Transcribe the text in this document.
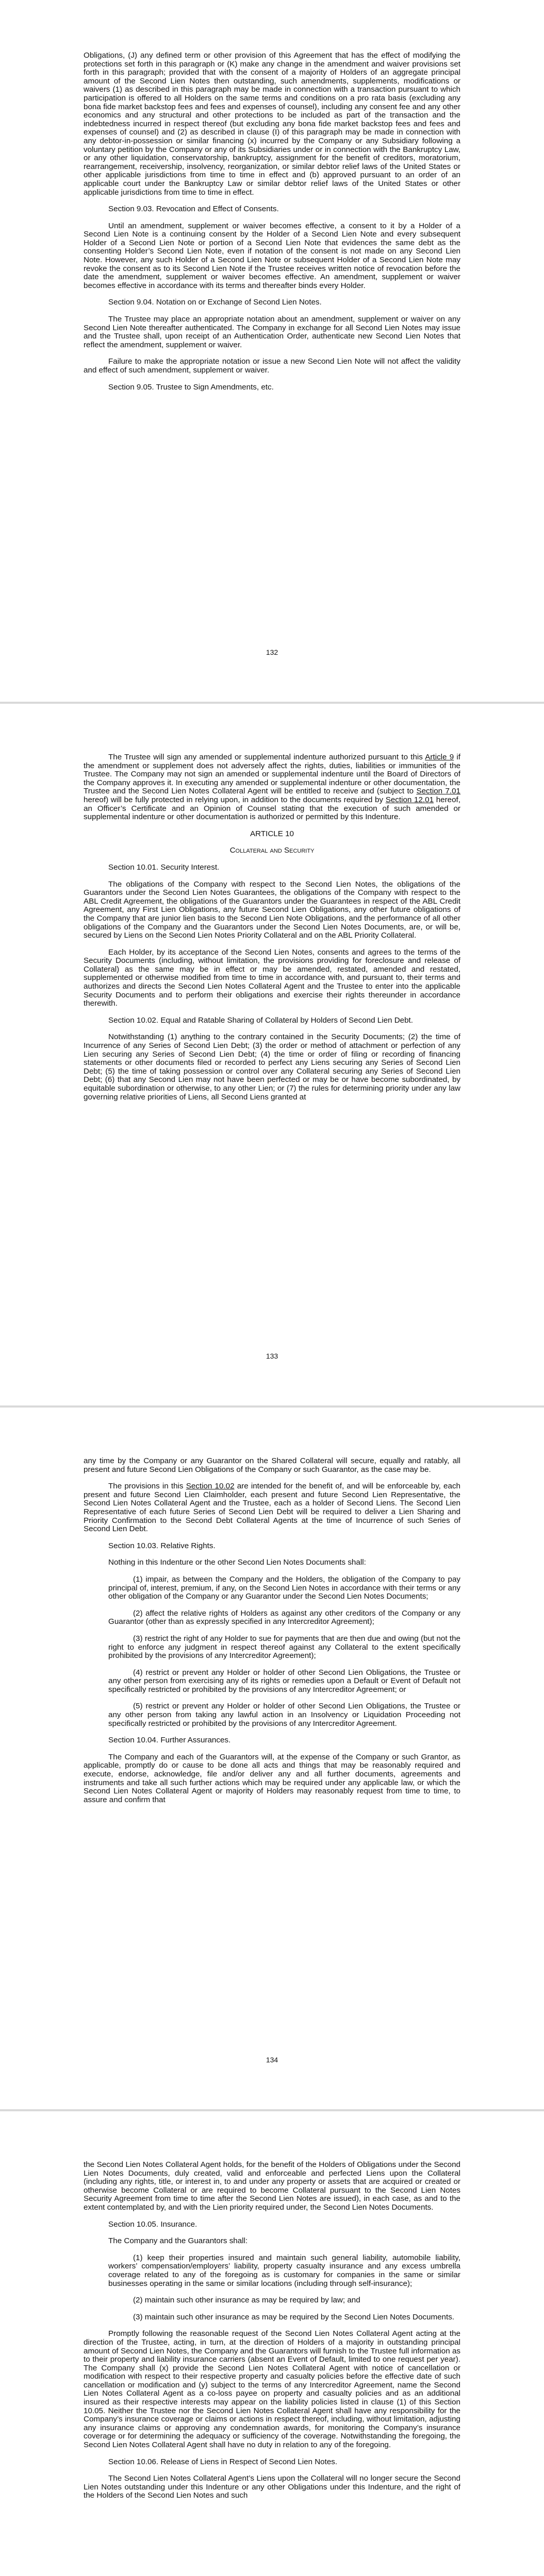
Obligations, (J) any defined term or other provision of this Agreement that has the effect of modifying the protections set forth in this paragraph or (K) make any change in the amendment and waiver provisions set forth in this paragraph; provided that with the consent of a majority of Holders of an aggregate principal amount of the Second Lien Notes then outstanding, such amendments, supplements, modifications or waivers (1) as described in this paragraph may be made in connection with a transaction pursuant to which participation is offered to all Holders on the same terms and conditions on a pro rata basis (excluding any bona fide market backstop fees and fees and expenses of counsel), including any consent fee and any other economics and any structural and other protections to be included as part of the transaction and the indebtedness incurred in respect thereof (but excluding any bona fide market backstop fees and fees and expenses of counsel) and (2) as described in clause (I) of this paragraph may be made in connection with any debtor-in-possession or similar financing (x) incurred by the Company or any Subsidiary following a voluntary petition by the Company or any of its Subsidiaries under or in connection with the Bankruptcy Law, or any other liquidation, conservatorship, bankruptcy, assignment for the benefit of creditors, moratorium, rearrangement, receivership, insolvency, reorganization, or similar debtor relief laws of the United States or other applicable jurisdictions from time to time in effect and (b) approved pursuant to an order of an applicable court under the Bankruptcy Law or similar debtor relief laws of the United States or other applicable jurisdictions from time to time in effect.

Section 9.03. Revocation and Effect of Consents.

Until an amendment, supplement or waiver becomes effective, a consent to it by a Holder of a Second Lien Note is a continuing consent by the Holder of a Second Lien Note and every subsequent Holder of a Second Lien Note or portion of a Second Lien Note that evidences the same debt as the consenting Holder’s Second Lien Note, even if notation of the consent is not made on any Second Lien Note. However, any such Holder of a Second Lien Note or subsequent Holder of a Second Lien Note may revoke the consent as to its Second Lien Note if the Trustee receives written notice of revocation before the date the amendment, supplement or waiver becomes effective. An amendment, supplement or waiver becomes effective in accordance with its terms and thereafter binds every Holder.

Section 9.04. Notation on or Exchange of Second Lien Notes.

The Trustee may place an appropriate notation about an amendment, supplement or waiver on any Second Lien Note thereafter authenticated. The Company in exchange for all Second Lien Notes may issue and the Trustee shall, upon receipt of an Authentication Order, authenticate new Second Lien Notes that reflect the amendment, supplement or waiver.

Failure to make the appropriate notation or issue a new Second Lien Note will not affect the validity and effect of such amendment, supplement or waiver.

Section 9.05. Trustee to Sign Amendments, etc.

132

The Trustee will sign any amended or supplemental indenture authorized pursuant to this Article 9 if the amendment or supplement does not adversely affect the rights, duties, liabilities or immunities of the Trustee. The Company may not sign an amended or supplemental indenture until the Board of Directors of the Company approves it. In executing any amended or supplemental indenture or other documentation, the Trustee and the Second Lien Notes Collateral Agent will be entitled to receive and (subject to Section 7.01 hereof) will be fully protected in relying upon, in addition to the documents required by Section 12.01 hereof, an Officer’s Certificate and an Opinion of Counsel stating that the execution of such amended or supplemental indenture or other documentation is authorized or permitted by this Indenture.

ARTICLE 10

Collateral and Security

Section 10.01. Security Interest.

The obligations of the Company with respect to the Second Lien Notes, the obligations of the Guarantors under the Second Lien Notes Guarantees, the obligations of the Company with respect to the ABL Credit Agreement, the obligations of the Guarantors under the Guarantees in respect of the ABL Credit Agreement, any First Lien Obligations, any future Second Lien Obligations, any other future obligations of the Company that are junior lien basis to the Second Lien Note Obligations, and the performance of all other obligations of the Company and the Guarantors under the Second Lien Notes Documents, are, or will be, secured by Liens on the Second Lien Notes Priority Collateral and on the ABL Priority Collateral.

Each Holder, by its acceptance of the Second Lien Notes, consents and agrees to the terms of the Security Documents (including, without limitation, the provisions providing for foreclosure and release of Collateral) as the same may be in effect or may be amended, restated, amended and restated, supplemented or otherwise modified from time to time in accordance with, and pursuant to, their terms and authorizes and directs the Second Lien Notes Collateral Agent and the Trustee to enter into the applicable Security Documents and to perform their obligations and exercise their rights thereunder in accordance therewith.

Section 10.02. Equal and Ratable Sharing of Collateral by Holders of Second Lien Debt.

Notwithstanding (1) anything to the contrary contained in the Security Documents; (2) the time of Incurrence of any Series of Second Lien Debt; (3) the order or method of attachment or perfection of any Lien securing any Series of Second Lien Debt; (4) the time or order of filing or recording of financing statements or other documents filed or recorded to perfect any Liens securing any Series of Second Lien Debt; (5) the time of taking possession or control over any Collateral securing any Series of Second Lien Debt; (6) that any Second Lien may not have been perfected or may be or have become subordinated, by equitable subordination or otherwise, to any other Lien; or (7) the rules for determining priority under any law governing relative priorities of Liens, all Second Liens granted at

133

any time by the Company or any Guarantor on the Shared Collateral will secure, equally and ratably, all present and future Second Lien Obligations of the Company or such Guarantor, as the case may be.

The provisions in this Section 10.02 are intended for the benefit of, and will be enforceable by, each present and future Second Lien Claimholder, each present and future Second Lien Representative, the Second Lien Notes Collateral Agent and the Trustee, each as a holder of Second Liens. The Second Lien Representative of each future Series of Second Lien Debt will be required to deliver a Lien Sharing and Priority Confirmation to the Second Debt Collateral Agents at the time of Incurrence of such Series of Second Lien Debt.

Section 10.03. Relative Rights.

Nothing in this Indenture or the other Second Lien Notes Documents shall:

(1) impair, as between the Company and the Holders, the obligation of the Company to pay principal of, interest, premium, if any, on the Second Lien Notes in accordance with their terms or any other obligation of the Company or any Guarantor under the Second Lien Notes Documents;

(2) affect the relative rights of Holders as against any other creditors of the Company or any Guarantor (other than as expressly specified in any Intercreditor Agreement);

(3) restrict the right of any Holder to sue for payments that are then due and owing (but not the right to enforce any judgment in respect thereof against any Collateral to the extent specifically prohibited by the provisions of any Intercreditor Agreement);

(4) restrict or prevent any Holder or holder of other Second Lien Obligations, the Trustee or any other person from exercising any of its rights or remedies upon a Default or Event of Default not specifically restricted or prohibited by the provisions of any Intercreditor Agreement; or

(5) restrict or prevent any Holder or holder of other Second Lien Obligations, the Trustee or any other person from taking any lawful action in an Insolvency or Liquidation Proceeding not specifically restricted or prohibited by the provisions of any Intercreditor Agreement.

Section 10.04. Further Assurances.

The Company and each of the Guarantors will, at the expense of the Company or such Grantor, as applicable, promptly do or cause to be done all acts and things that may be reasonably required and execute, endorse, acknowledge, file and/or deliver any and all further documents, agreements and instruments and take all such further actions which may be required under any applicable law, or which the Second Lien Notes Collateral Agent or majority of Holders may reasonably request from time to time, to assure and confirm that

134

the Second Lien Notes Collateral Agent holds, for the benefit of the Holders of Obligations under the Second Lien Notes Documents, duly created, valid and enforceable and perfected Liens upon the Collateral (including any rights, title, or interest in, to and under any property or assets that are acquired or created or otherwise become Collateral or are required to become Collateral pursuant to the Second Lien Notes Security Agreement from time to time after the Second Lien Notes are issued), in each case, as and to the extent contemplated by, and with the Lien priority required under, the Second Lien Notes Documents.

Section 10.05. Insurance.

The Company and the Guarantors shall:

(1) keep their properties insured and maintain such general liability, automobile liability, workers’ compensation/employers’ liability, property casualty insurance and any excess umbrella coverage related to any of the foregoing as is customary for companies in the same or similar businesses operating in the same or similar locations (including through self-insurance);

(2) maintain such other insurance as may be required by law; and

(3) maintain such other insurance as may be required by the Second Lien Notes Documents.

Promptly following the reasonable request of the Second Lien Notes Collateral Agent acting at the direction of the Trustee, acting, in turn, at the direction of Holders of a majority in outstanding principal amount of Second Lien Notes, the Company and the Guarantors will furnish to the Trustee full information as to their property and liability insurance carriers (absent an Event of Default, limited to one request per year). The Company shall (x) provide the Second Lien Notes Collateral Agent with notice of cancellation or modification with respect to their respective property and casualty policies before the effective date of such cancellation or modification and (y) subject to the terms of any Intercreditor Agreement, name the Second Lien Notes Collateral Agent as a co-loss payee on property and casualty policies and as an additional insured as their respective interests may appear on the liability policies listed in clause (1) of this Section 10.05. Neither the Trustee nor the Second Lien Notes Collateral Agent shall have any responsibility for the Company’s insurance coverage or claims or actions in respect thereof, including, without limitation, adjusting any insurance claims or approving any condemnation awards, for monitoring the Company’s insurance coverage or for determining the adequacy or sufficiency of the coverage. Notwithstanding the foregoing, the Second Lien Notes Collateral Agent shall have no duty in relation to any of the foregoing.

Section 10.06. Release of Liens in Respect of Second Lien Notes.

The Second Lien Notes Collateral Agent’s Liens upon the Collateral will no longer secure the Second Lien Notes outstanding under this Indenture or any other Obligations under this Indenture, and the right of the Holders of the Second Lien Notes and such
